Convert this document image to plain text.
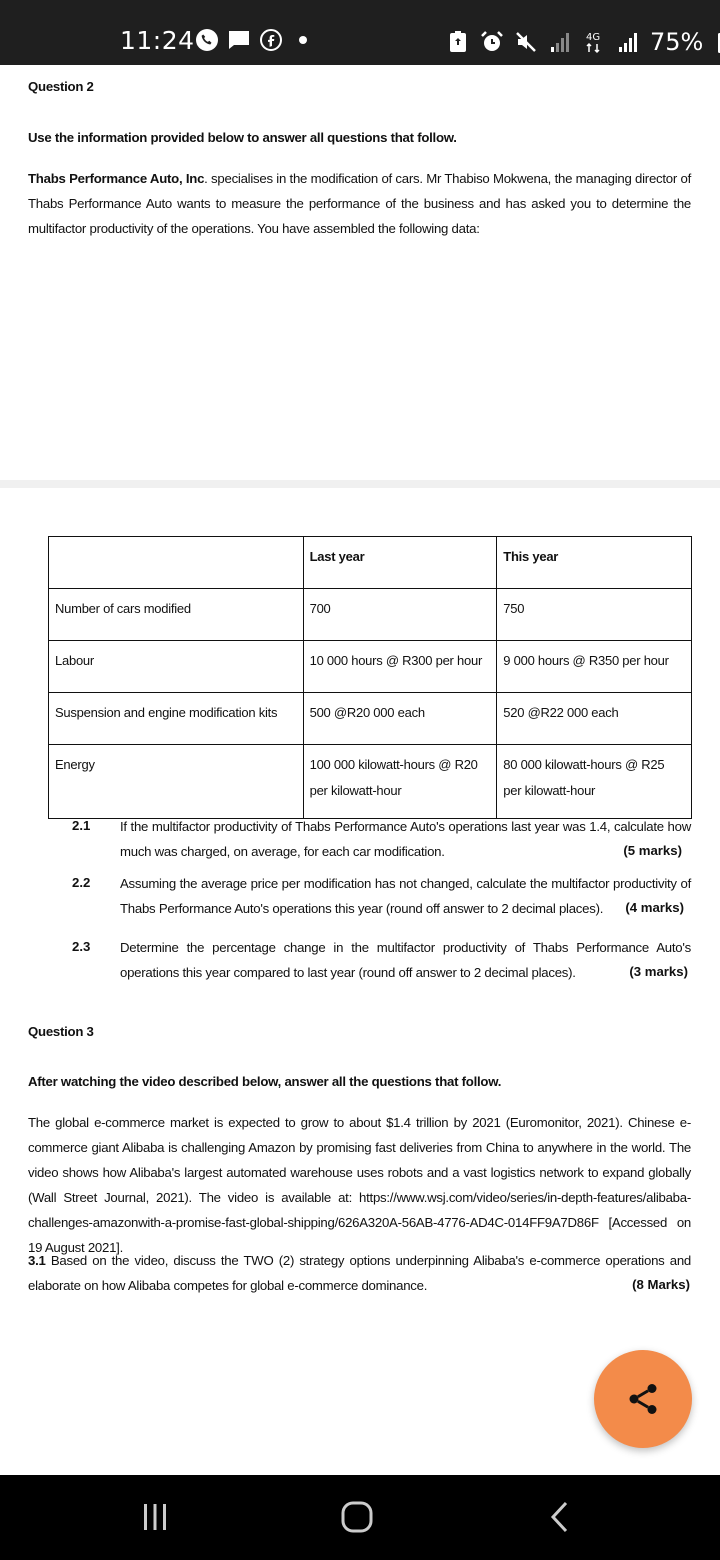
11:24	4G 75%
Question 2
Use the information provided below to answer all questions that follow.
Thabs Performance Auto, Inc. specialises in the modification of cars. Mr Thabiso Mokwena, the managing director of Thabs Performance Auto wants to measure the performance of the business and has asked you to determine the multifactor productivity of the operations. You have assembled the following data:
	Last year	This year
Number of cars modified	700	750
Labour	10 000 hours @ R300 per hour	9 000 hours @ R350 per hour
Suspension and engine modification kits	500 @R20 000 each	520 @R22 000 each
Energy	100 000 kilowatt-hours @ R20 per kilowatt-hour	80 000 kilowatt-hours @ R25 per kilowatt-hour
2.1 If the multifactor productivity of Thabs Performance Auto's operations last year was 1.4, calculate how much was charged, on average, for each car modification.	(5 marks)
2.2 Assuming the average price per modification has not changed, calculate the multifactor productivity of Thabs Performance Auto's operations this year (round off answer to 2 decimal places).	(4 marks)
2.3 Determine the percentage change in the multifactor productivity of Thabs Performance Auto's operations this year compared to last year (round off answer to 2 decimal places).	(3 marks)
Question 3
After watching the video described below, answer all the questions that follow.
The global e-commerce market is expected to grow to about $1.4 trillion by 2021 (Euromonitor, 2021). Chinese e-commerce giant Alibaba is challenging Amazon by promising fast deliveries from China to anywhere in the world. The video shows how Alibaba's largest automated warehouse uses robots and a vast logistics network to expand globally (Wall Street Journal, 2021). The video is available at: https://www.wsj.com/video/series/in-depth-features/alibaba-challenges-amazonwith-a-promise-fast-global-shipping/626A320A-56AB-4776-AD4C-014FF9A7D86F [Accessed on 19 August 2021].
3.1 Based on the video, discuss the TWO (2) strategy options underpinning Alibaba's e-commerce operations and elaborate on how Alibaba competes for global e-commerce dominance.	(8 Marks)
